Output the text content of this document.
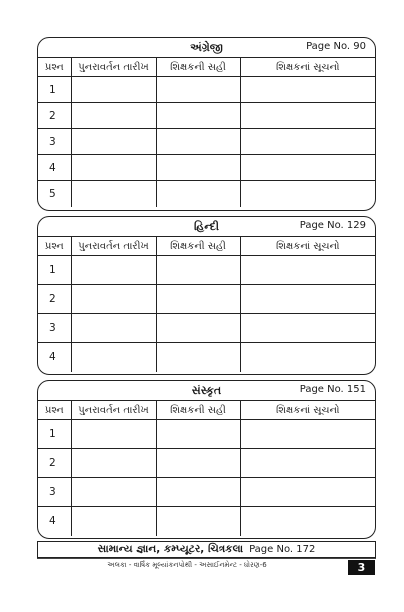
અંગ્રેજી	Page No. 90
પ્રશ્ન	પુનરાવર્તન તારીખ	શિક્ષકની સહી	શિક્ષકનાં સૂચનો
1			
2			
3			
4			
5			
હિન્દી	Page No. 129
પ્રશ્ન	પુનરાવર્તન તારીખ	શિક્ષકની સહી	શિક્ષકનાં સૂચનો
1			
2			
3			
4			
સંસ્કૃત	Page No. 151
પ્રશ્ન	પુનરાવર્તન તારીખ	શિક્ષકની સહી	શિક્ષકનાં સૂચનો
1			
2			
3			
4			
સામાન્ય જ્ઞાન, કમ્પ્યૂટર, ચિત્રકલા Page No. 172
અલકા - વાર્ષિક મૂલ્યાંકનપોથી - અસાઈનમેન્ટ - ધોરણ-6	3
